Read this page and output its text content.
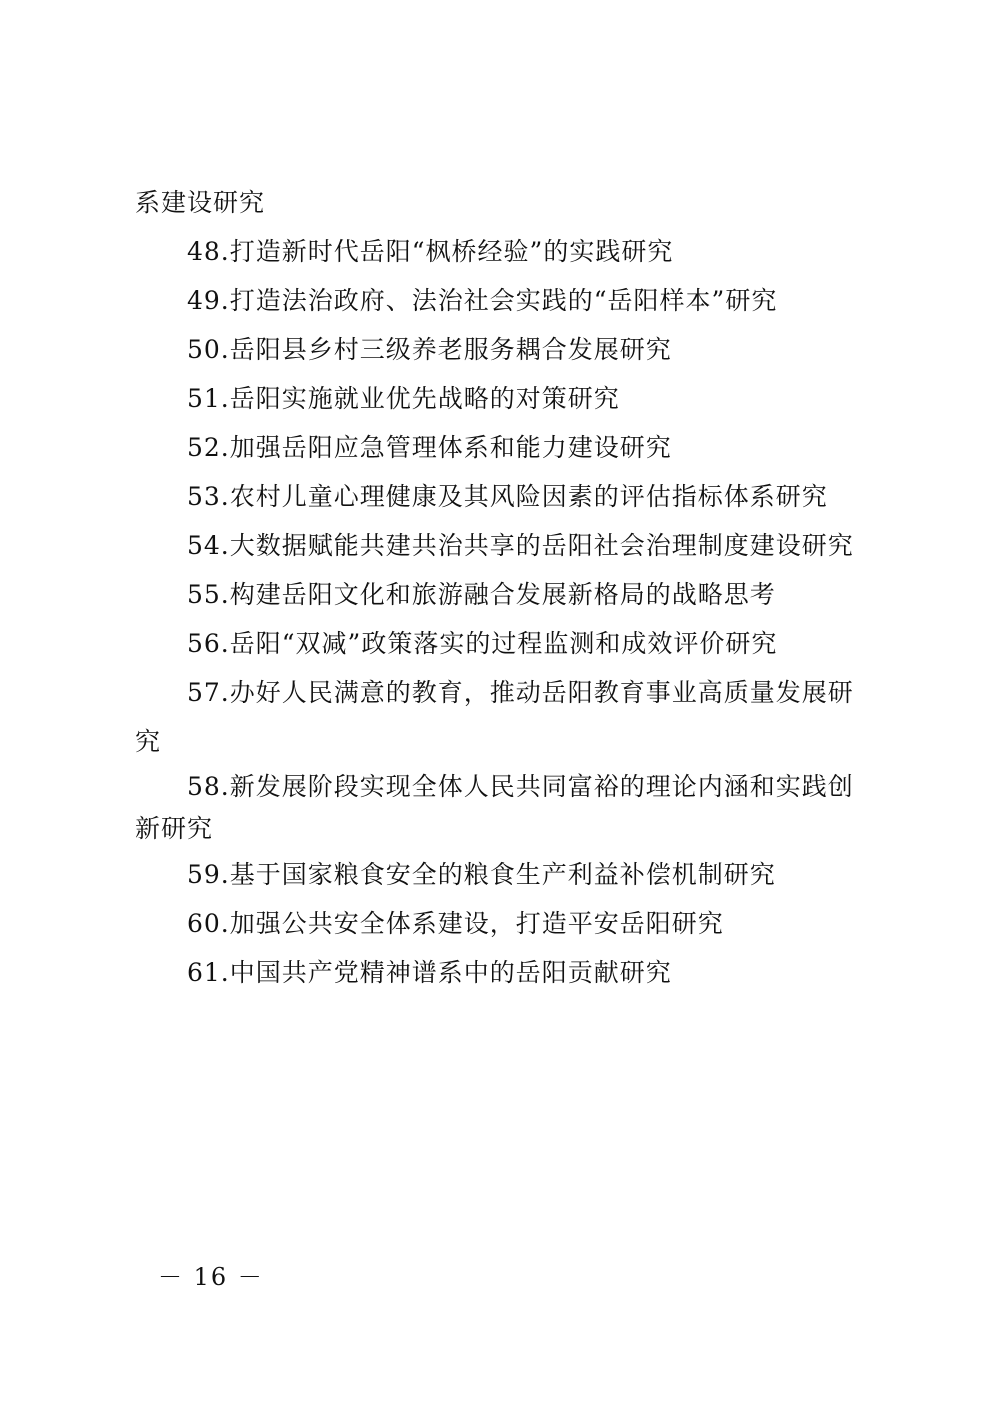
系建设研究
48.打造新时代岳阳“枫桥经验”的实践研究
49.打造法治政府、法治社会实践的“岳阳样本”研究
50.岳阳县乡村三级养老服务耦合发展研究
51.岳阳实施就业优先战略的对策研究
52.加强岳阳应急管理体系和能力建设研究
53.农村儿童心理健康及其风险因素的评估指标体系研究
54.大数据赋能共建共治共享的岳阳社会治理制度建设研究
55.构建岳阳文化和旅游融合发展新格局的战略思考
56.岳阳“双减”政策落实的过程监测和成效评价研究
57.办好人民满意的教育，推动岳阳教育事业高质量发展研
究
58.新发展阶段实现全体人民共同富裕的理论内涵和实践创
新研究
59.基于国家粮食安全的粮食生产利益补偿机制研究
60.加强公共安全体系建设，打造平安岳阳研究
61.中国共产党精神谱系中的岳阳贡献研究
－ 16 －
